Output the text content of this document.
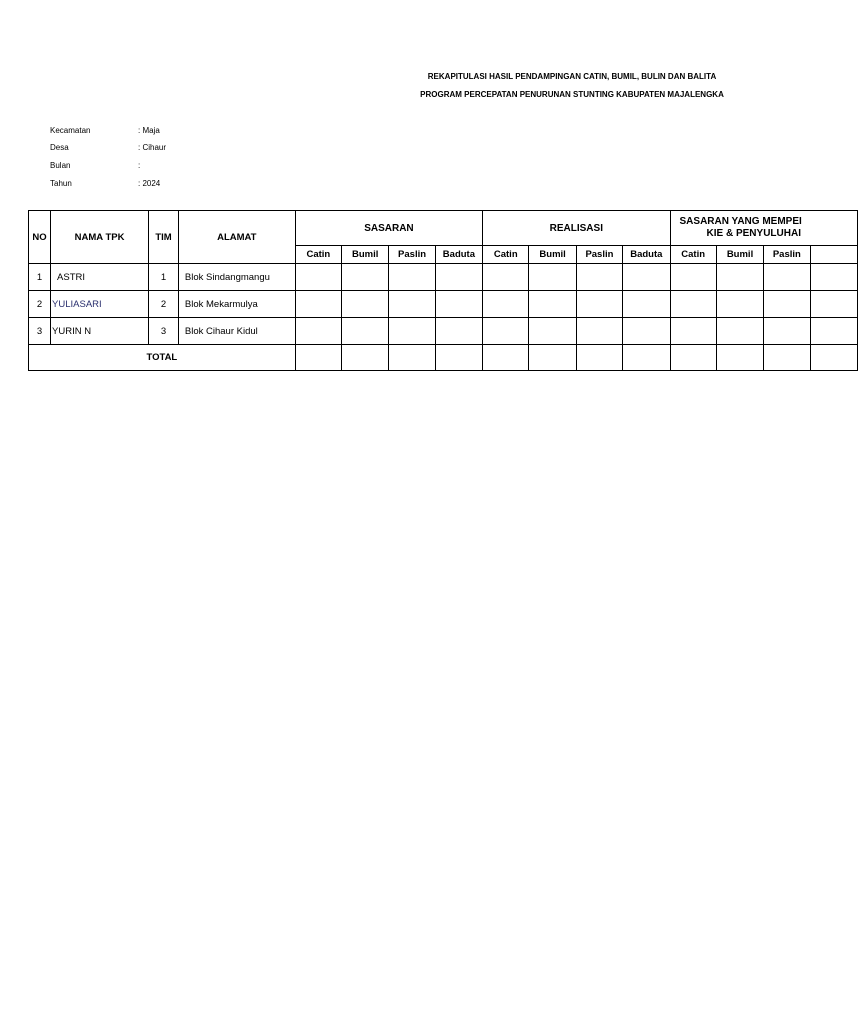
REKAPITULASI HASIL PENDAMPINGAN CATIN, BUMIL, BULIN DAN BALITA
PROGRAM PERCEPATAN PENURUNAN STUNTING KABUPATEN MAJALENGKA
Kecamatan	: Maja
Desa	: Cihaur
Bulan	:
Tahun	: 2024
NO	NAMA TPK	TIM	ALAMAT	SASARAN				REALISASI				SASARAN YANG MEMPEI
KIE & PENYULUHAI			
				Catin	Bumil	Paslin	Baduta	Catin	Bumil	Paslin	Baduta	Catin	Bumil	Paslin	
1	ASTRI	1	Blok Sindangmangu												
2	YULIASARI	2	Blok Mekarmulya												
3	YURIN N	3	Blok Cihaur Kidul												
TOTAL															
